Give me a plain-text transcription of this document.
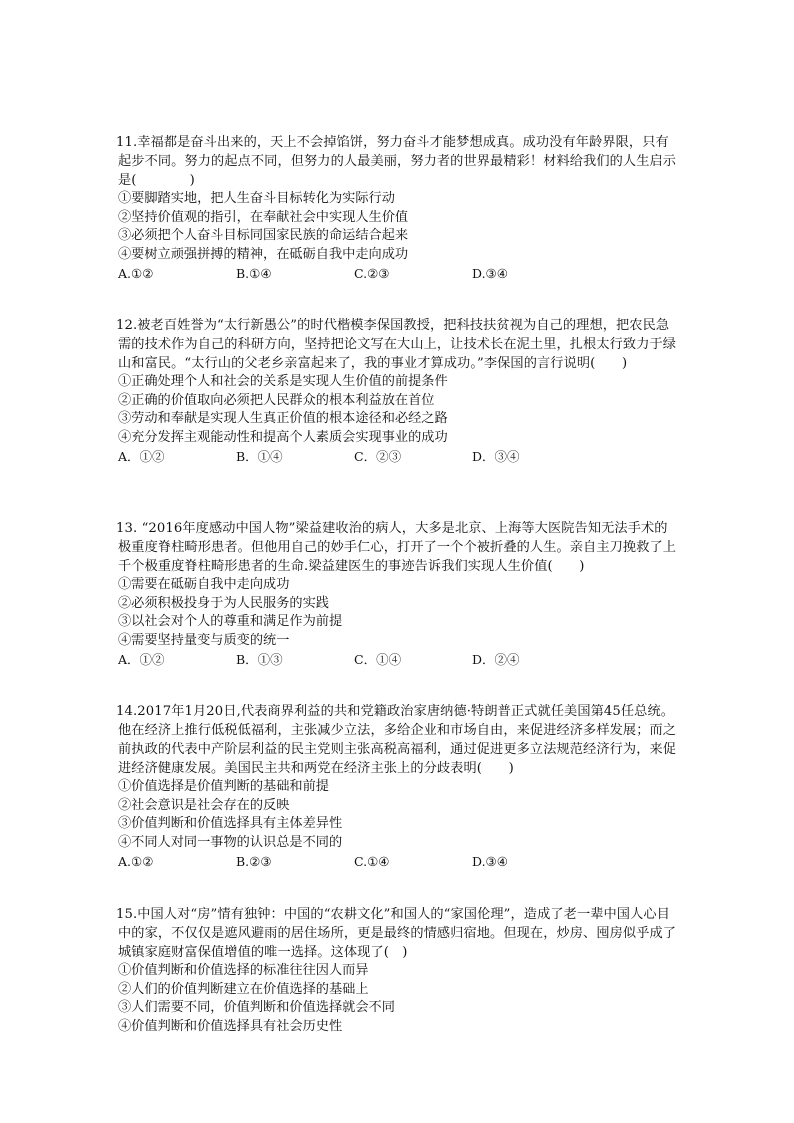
11.幸福都是奋斗出来的，天上不会掉馅饼，努力奋斗才能梦想成真。成功没有年龄界限，只有起步不同。努力的起点不同，但努力的人最美丽，努力者的世界最精彩！材料给我们的人生启示是(　　　　)

①要脚踏实地，把人生奋斗目标转化为实际行动

②坚持价值观的指引，在奉献社会中实现人生价值

③必须把个人奋斗目标同国家民族的命运结合起来

④要树立顽强拼搏的精神，在砥砺自我中走向成功

A.①②	B.①④	C.②③	D.③④

12.被老百姓誉为“太行新愚公”的时代楷模李保国教授，把科技扶贫视为自己的理想，把农民急需的技术作为自己的科研方向，坚持把论文写在大山上，让技术长在泥土里，扎根太行致力于绿山和富民。“太行山的父老乡亲富起来了，我的事业才算成功。”李保国的言行说明(　　)

①正确处理个人和社会的关系是实现人生价值的前提条件

②正确的价值取向必须把人民群众的根本利益放在首位

③劳动和奉献是实现人生真正价值的根本途径和必经之路

④充分发挥主观能动性和提高个人素质会实现事业的成功

A．①②	B．①④	C．②③	D．③④

13. “2016年度感动中国人物”梁益建收治的病人，大多是北京、上海等大医院告知无法手术的极重度脊柱畸形患者。但他用自己的妙手仁心，打开了一个个被折叠的人生。亲自主刀挽救了上千个极重度脊柱畸形患者的生命.梁益建医生的事迹告诉我们实现人生价值(　　)

①需要在砥砺自我中走向成功

②必须积极投身于为人民服务的实践

③以社会对个人的尊重和满足作为前提

④需要坚持量变与质变的统一

A．①②	B．①③	C．①④	D．②④

14.2017年1月20日,代表商界利益的共和党籍政治家唐纳德·特朗普正式就任美国第45任总统。他在经济上推行低税低福利，主张减少立法，多给企业和市场自由，来促进经济多样发展；而之前执政的代表中产阶层利益的民主党则主张高税高福利，通过促进更多立法规范经济行为，来促进经济健康发展。美国民主共和两党在经济主张上的分歧表明(　　)

①价值选择是价值判断的基础和前提

②社会意识是社会存在的反映

③价值判断和价值选择具有主体差异性

④不同人对同一事物的认识总是不同的

A.①②	B.②③	C.①④	D.③④

15.中国人对“房”情有独钟：中国的“农耕文化”和国人的“家国伦理”，造成了老一辈中国人心目中的家，不仅仅是遮风避雨的居住场所，更是最终的情感归宿地。但现在，炒房、囤房似乎成了城镇家庭财富保值增值的唯一选择。这体现了(　)

①价值判断和价值选择的标准往往因人而异

②人们的价值判断建立在价值选择的基础上

③人们需要不同，价值判断和价值选择就会不同

④价值判断和价值选择具有社会历史性
